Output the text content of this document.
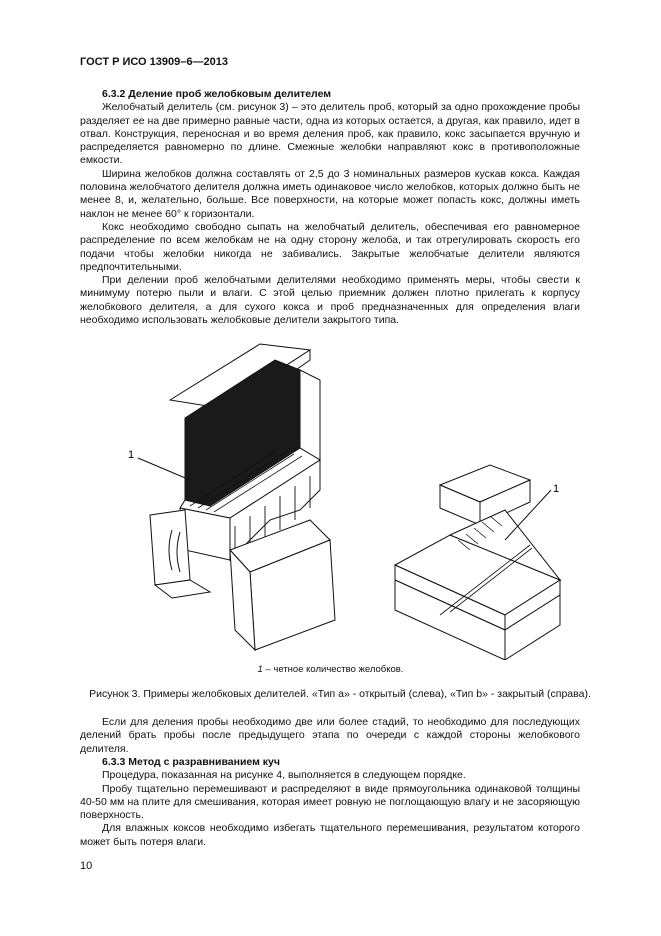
ГОСТ Р ИСО 13909–6—2013

6.3.2 Деление проб желобковым делителем

Желобчатый делитель (см. рисунок 3) – это делитель проб, который за одно прохождение пробы разделяет ее на две примерно равные части, одна из которых остается, а другая, как правило, идет в отвал. Конструкция, переносная и во время деления проб, как правило, кокс засыпается вручную и распределяется равномерно по длине. Смежные желобки направляют кокс в противоположные емкости.

Ширина желобков должна составлять от 2,5 до 3 номинальных размеров кускав кокса. Каждая половина желобчатого делителя должна иметь одинаковое число желобков, которых должно быть не менее 8, и, желательно, больше. Все поверхности, на которые может попасть кокс, должны иметь наклон не менее 60° к горизонтали.

Кокс необходимо свободно сыпать на желобчатый делитель, обеспечивая его равномерное распределение по всем желобкам не на одну сторону желоба, и так отрегулировать скорость его подачи чтобы желобки никогда не забивались. Закрытые желобчатые делители являются предпочтительными.

При делении проб желобчатыми делителями необходимо применять меры, чтобы свести к минимуму потерю пыли и влаги. С этой целью приемник должен плотно прилегать к корпусу желобкового делителя, а для сухого кокса и проб предназначенных для определения влаги необходимо использовать желобковые делители закрытого типа.

1
1
1 – четное количество желобков.
Рисунок 3. Примеры желобковых делителей. «Тип а» - открытый (слева), «Тип b» - закрытый (справа).

Если для деления пробы необходимо две или более стадий, то необходимо для последующих делений брать пробы после предыдущего этапа по очереди с каждой стороны желобкового делителя.

6.3.3 Метод с разравниванием куч

Процедура, показанная на рисунке 4, выполняется в следующем порядке.

Пробу тщательно перемешивают и распределяют в виде прямоугольника одинаковой толщины 40-50 мм на плите для смешивания, которая имеет ровную не поглощающую влагу и не засоряющую поверхность.

Для влажных коксов необходимо избегать тщательного перемешивания, результатом которого может быть потеря влаги.

10
